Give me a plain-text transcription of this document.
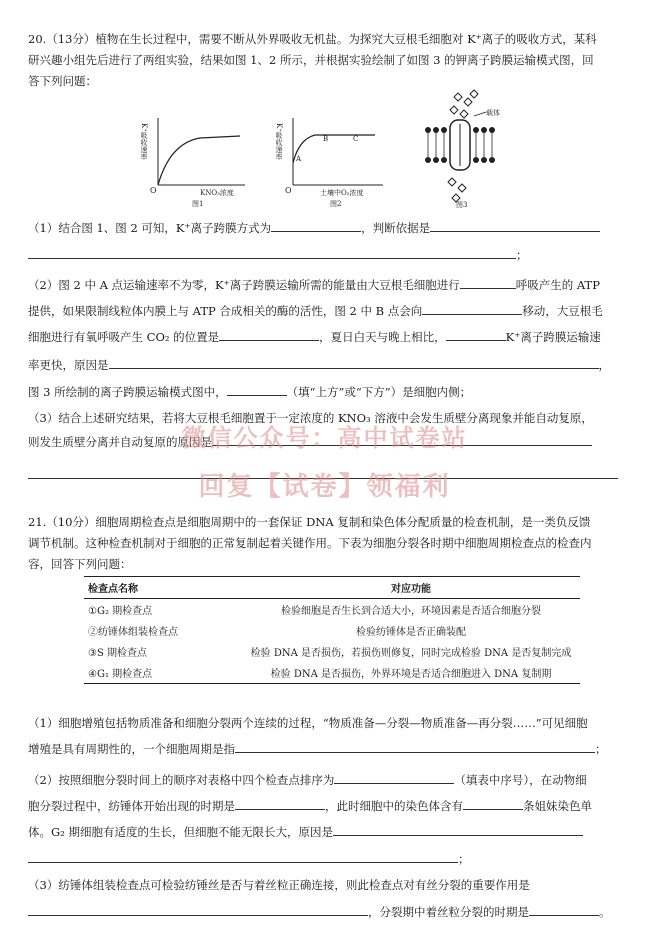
20.（13分）植物在生长过程中，需要不断从外界吸收无机盐。为探究大豆根毛细胞对 K⁺离子的吸收方式，某科
研兴趣小组先后进行了两组实验，结果如图 1、2 所示，并根据实验绘制了如图 3 的钾离子跨膜运输模式图，回
答下列问题：
K⁺吸收速率
O	KNO₃浓度
图1
K⁺吸收速率 A
B	C
O	土壤中O₂浓度
图2
载体
图3
（1）结合图 1、图 2 可知，K⁺离子跨膜方式为	，判断依据是
；
（2）图 2 中 A 点运输速率不为零，K⁺离子跨膜运输所需的能量由大豆根毛细胞进行	呼吸产生的 ATP
提供，如果限制线粒体内膜上与 ATP 合成相关的酶的活性，图 2 中 B 点会向	移动，大豆根毛
细胞进行有氧呼吸产生 CO₂ 的位置是	，夏日白天与晚上相比，	K⁺离子跨膜运输速
率更快，原因是	，
图 3 所绘制的离子跨膜运输模式图中，	（填“上方”或“下方”）是细胞内侧；
（3）结合上述研究结果，若将大豆根毛细胞置于一定浓度的 KNO₃ 溶液中会发生质壁分离现象并能自动复原，
则发生质壁分离并自动复原的原因是
微信公众号：高中试卷站
回复【试卷】领福利
21.（10分）细胞周期检查点是细胞周期中的一套保证 DNA 复制和染色体分配质量的检查机制，是一类负反馈
调节机制。这种检查机制对于细胞的正常复制起着关键作用。下表为细胞分裂各时期中细胞周期检查点的检查内
容，回答下列问题：
检查点名称	对应功能
①G₂ 期检查点	检验细胞是否生长到合适大小，环境因素是否适合细胞分裂
②纺锤体组装检查点	检验纺锤体是否正确装配
③S 期检查点	检验 DNA 是否损伤，若损伤则修复，同时完成检验 DNA 是否复制完成
④G₁ 期检查点	检验 DNA 是否损伤，外界环境是否适合细胞进入 DNA 复制期
（1）细胞增殖包括物质准备和细胞分裂两个连续的过程，“物质准备—分裂—物质准备—再分裂……”可见细胞
增殖是具有周期性的，一个细胞周期是指	；
（2）按照细胞分裂时间上的顺序对表格中四个检查点排序为	（填表中序号），在动物细
胞分裂过程中，纺锤体开始出现的时期是	，此时细胞中的染色体含有	条姐妹染色单
体。G₂ 期细胞有适度的生长，但细胞不能无限长大，原因是
；
（3）纺锤体组装检查点可检验纺锤丝是否与着丝粒正确连接，则此检查点对有丝分裂的重要作用是
，分裂期中着丝粒分裂的时期是	。
